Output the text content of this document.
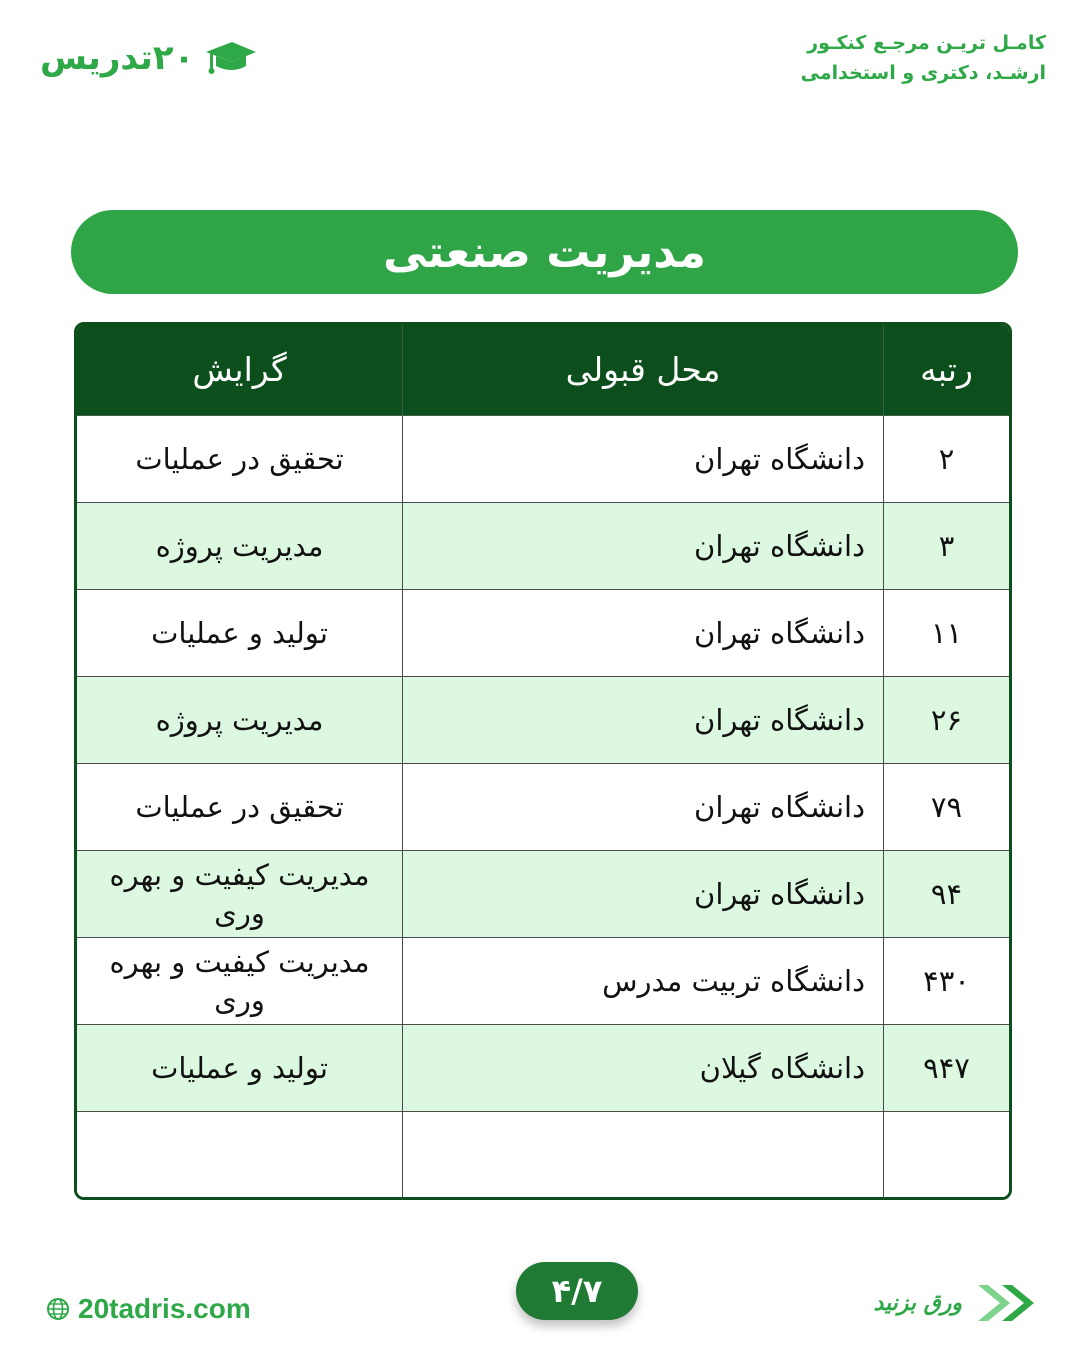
۲۰تدریس	کامـل تریـن مرجـع کنکـور
ارشـد، دکتری و استخدامی
مدیریت صنعتی
رتبه	محل قبولی	گرایش
۲	دانشگاه تهران	تحقیق در عملیات
۳	دانشگاه تهران	مدیریت پروژه
۱۱	دانشگاه تهران	تولید و عملیات
۲۶	دانشگاه تهران	مدیریت پروژه
۷۹	دانشگاه تهران	تحقیق در عملیات
۹۴	دانشگاه تهران	مدیریت کیفیت و بهره وری
۴۳۰	دانشگاه تربیت مدرس	مدیریت کیفیت و بهره وری
۹۴۷	دانشگاه گیلان	تولید و عملیات

20tadris.com	۴/۷	ورق بزنید
